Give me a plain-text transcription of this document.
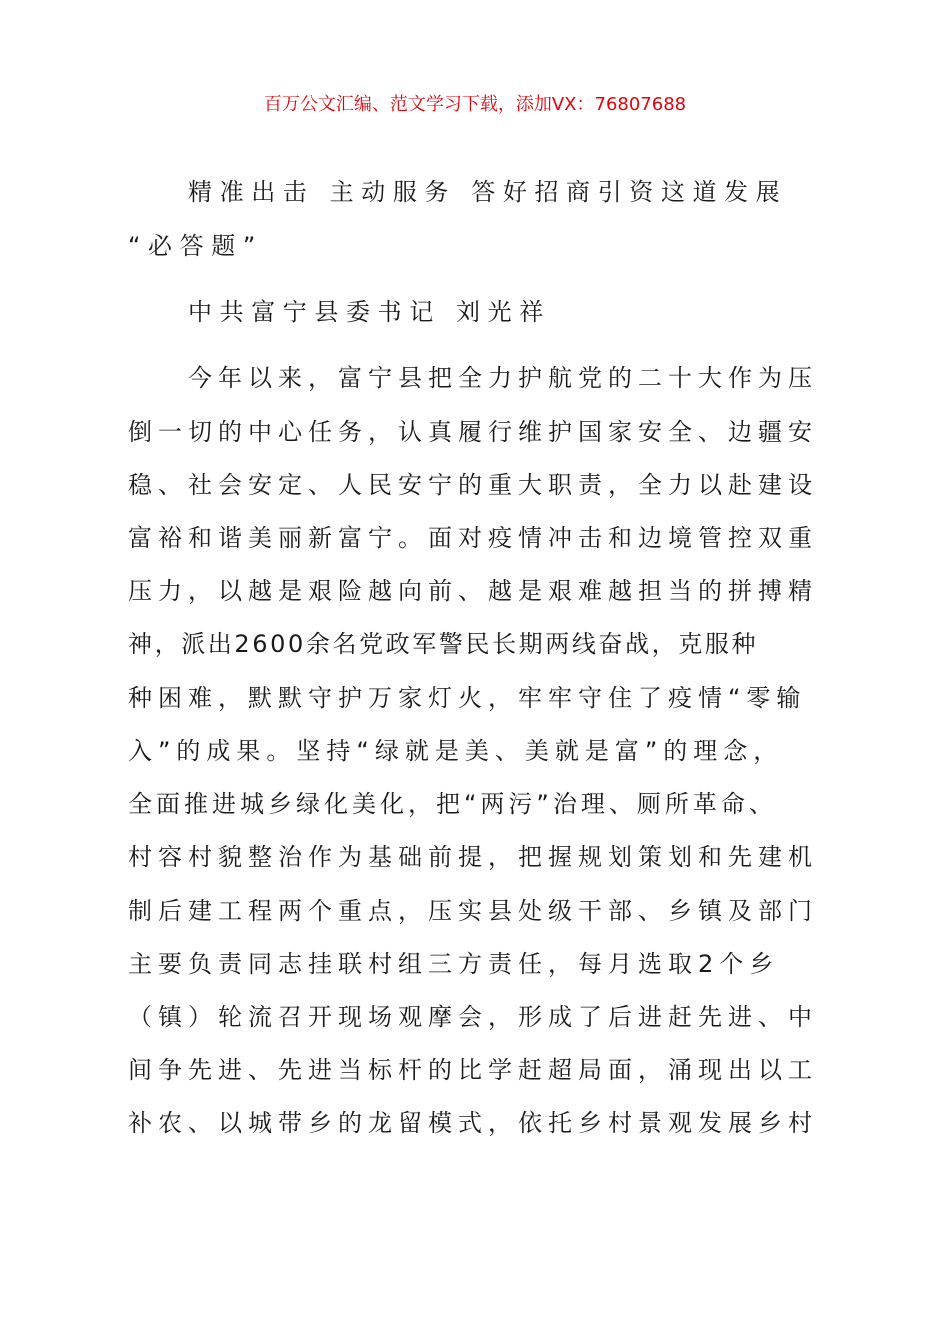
百万公文汇编、范文学习下载，添加VX：76807688
精准出击 主动服务 答好招商引资这道发展
“必答题”
中共富宁县委书记 刘光祥
今年以来，富宁县把全力护航党的二十大作为压
倒一切的中心任务，认真履行维护国家安全、边疆安
稳、社会安定、人民安宁的重大职责，全力以赴建设
富裕和谐美丽新富宁。面对疫情冲击和边境管控双重
压力，以越是艰险越向前、越是艰难越担当的拼搏精
神，派出2600余名党政军警民长期两线奋战，克服种
种困难，默默守护万家灯火，牢牢守住了疫情“零输
入”的成果。坚持“绿就是美、美就是富”的理念，
全面推进城乡绿化美化，把“两污”治理、厕所革命、
村容村貌整治作为基础前提，把握规划策划和先建机
制后建工程两个重点，压实县处级干部、乡镇及部门
主要负责同志挂联村组三方责任，每月选取2个乡
（镇）轮流召开现场观摩会，形成了后进赶先进、中
间争先进、先进当标杆的比学赶超局面，涌现出以工
补农、以城带乡的龙留模式，依托乡村景观发展乡村
